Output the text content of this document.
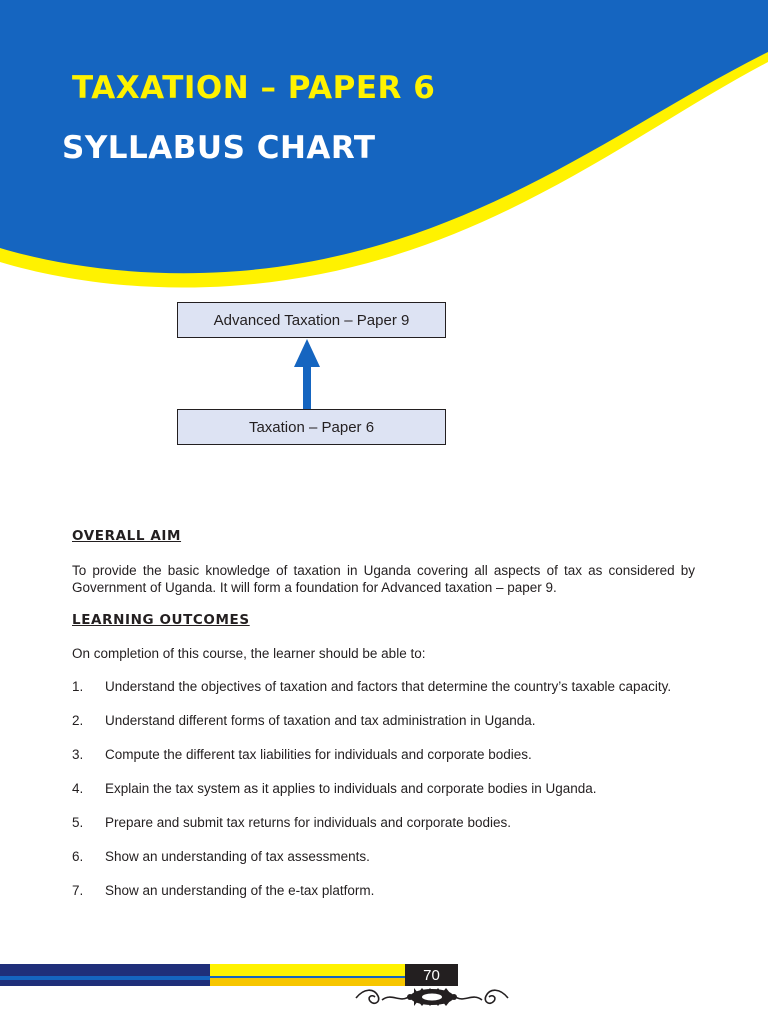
TAXATION – PAPER 6
SYLLABUS CHART
Advanced Taxation – Paper 9
Taxation – Paper 6
OVERALL AIM

To provide the basic knowledge of taxation in Uganda covering all aspects of tax as considered by Government of Uganda. It will form a foundation for Advanced taxation – paper 9.

LEARNING OUTCOMES

On completion of this course, the learner should be able to:

1.	Understand the objectives of taxation and factors that determine the country’s taxable capacity.
2.	Understand different forms of taxation and tax administration in Uganda.
3.	Compute the different tax liabilities for individuals and corporate bodies.
4.	Explain the tax system as it applies to individuals and corporate bodies in Uganda.
5.	Prepare and submit tax returns for individuals and corporate bodies.
6.	Show an understanding of tax assessments.
7.	Show an understanding of the e-tax platform.
70
